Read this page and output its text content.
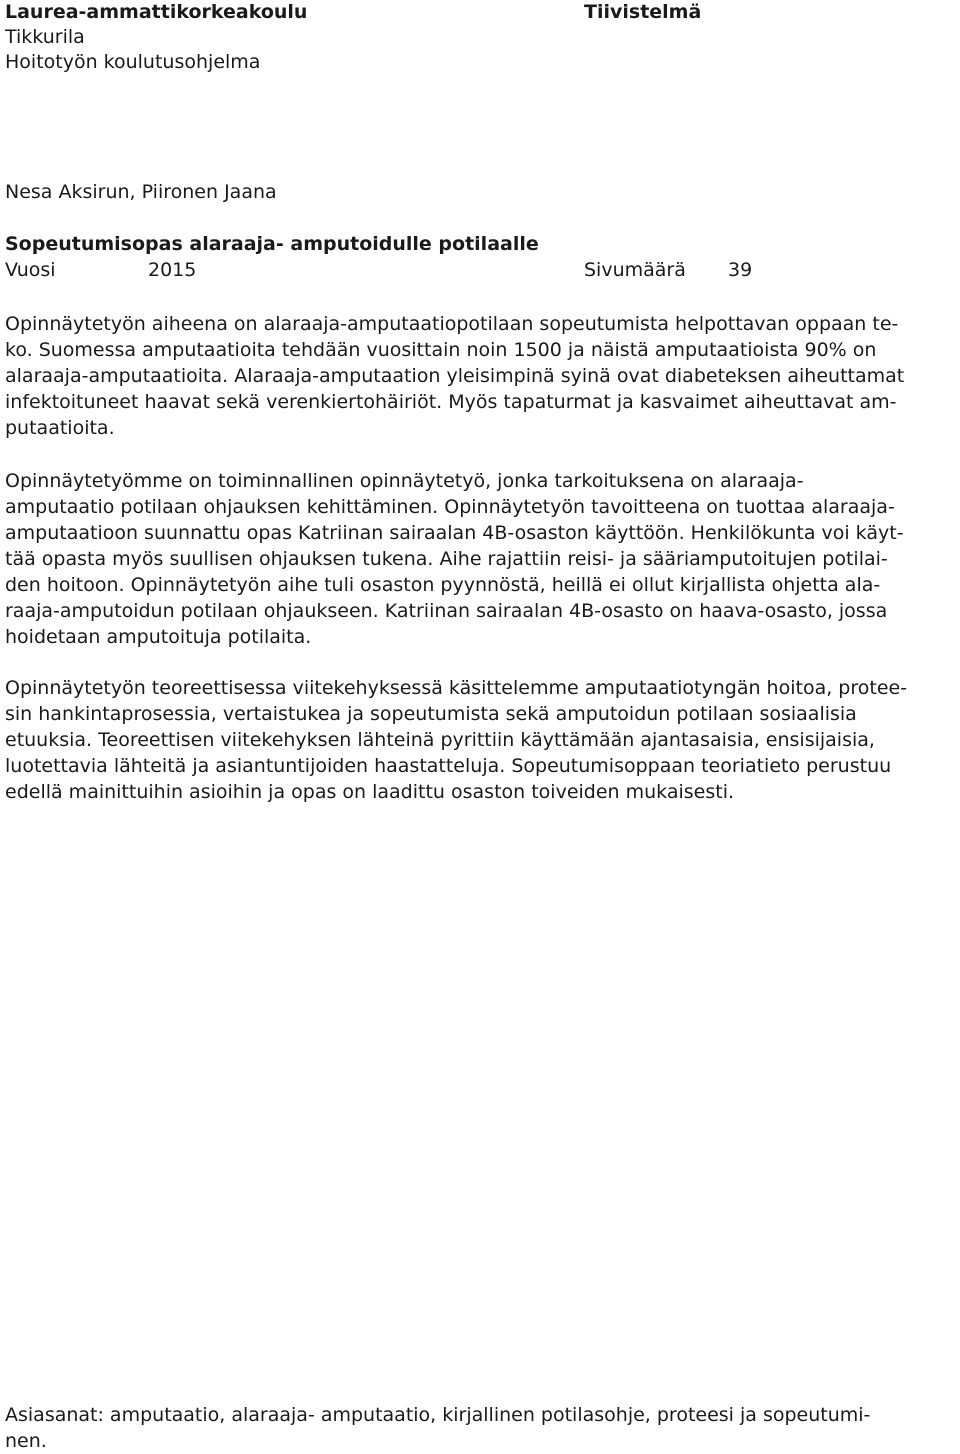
Laurea-ammattikorkeakoulu
Tikkurila
Hoitotyön koulutusohjelma
Tiivistelmä
Nesa Aksirun, Piironen Jaana
Sopeutumisopas alaraaja- amputoidulle potilaalle
Vuosi	2015	Sivumäärä 39
Opinnäytetyön aiheena on alaraaja-amputaatiopotilaan sopeutumista helpottavan oppaan te-
ko. Suomessa amputaatioita tehdään vuosittain noin 1500 ja näistä amputaatioista 90% on
alaraaja-amputaatioita. Alaraaja-amputaation yleisimpinä syinä ovat diabeteksen aiheuttamat
infektoituneet haavat sekä verenkiertohäiriöt. Myös tapaturmat ja kasvaimet aiheuttavat am-
putaatioita.
Opinnäytetyömme on toiminnallinen opinnäytetyö, jonka tarkoituksena on alaraaja-
amputaatio potilaan ohjauksen kehittäminen. Opinnäytetyön tavoitteena on tuottaa alaraaja-
amputaatioon suunnattu opas Katriinan sairaalan 4B-osaston käyttöön. Henkilökunta voi käyt-
tää opasta myös suullisen ohjauksen tukena. Aihe rajattiin reisi- ja sääriamputoitujen potilai-
den hoitoon. Opinnäytetyön aihe tuli osaston pyynnöstä, heillä ei ollut kirjallista ohjetta ala-
raaja-amputoidun potilaan ohjaukseen. Katriinan sairaalan 4B-osasto on haava-osasto, jossa
hoidetaan amputoituja potilaita.
Opinnäytetyön teoreettisessa viitekehyksessä käsittelemme amputaatiotyngän hoitoa, protee-
sin hankintaprosessia, vertaistukea ja sopeutumista sekä amputoidun potilaan sosiaalisia
etuuksia. Teoreettisen viitekehyksen lähteinä pyrittiin käyttämään ajantasaisia, ensisijaisia,
luotettavia lähteitä ja asiantuntijoiden haastatteluja. Sopeutumisoppaan teoriatieto perustuu
edellä mainittuihin asioihin ja opas on laadittu osaston toiveiden mukaisesti.
Asiasanat: amputaatio, alaraaja- amputaatio, kirjallinen potilasohje, proteesi ja sopeutumi-
nen.
